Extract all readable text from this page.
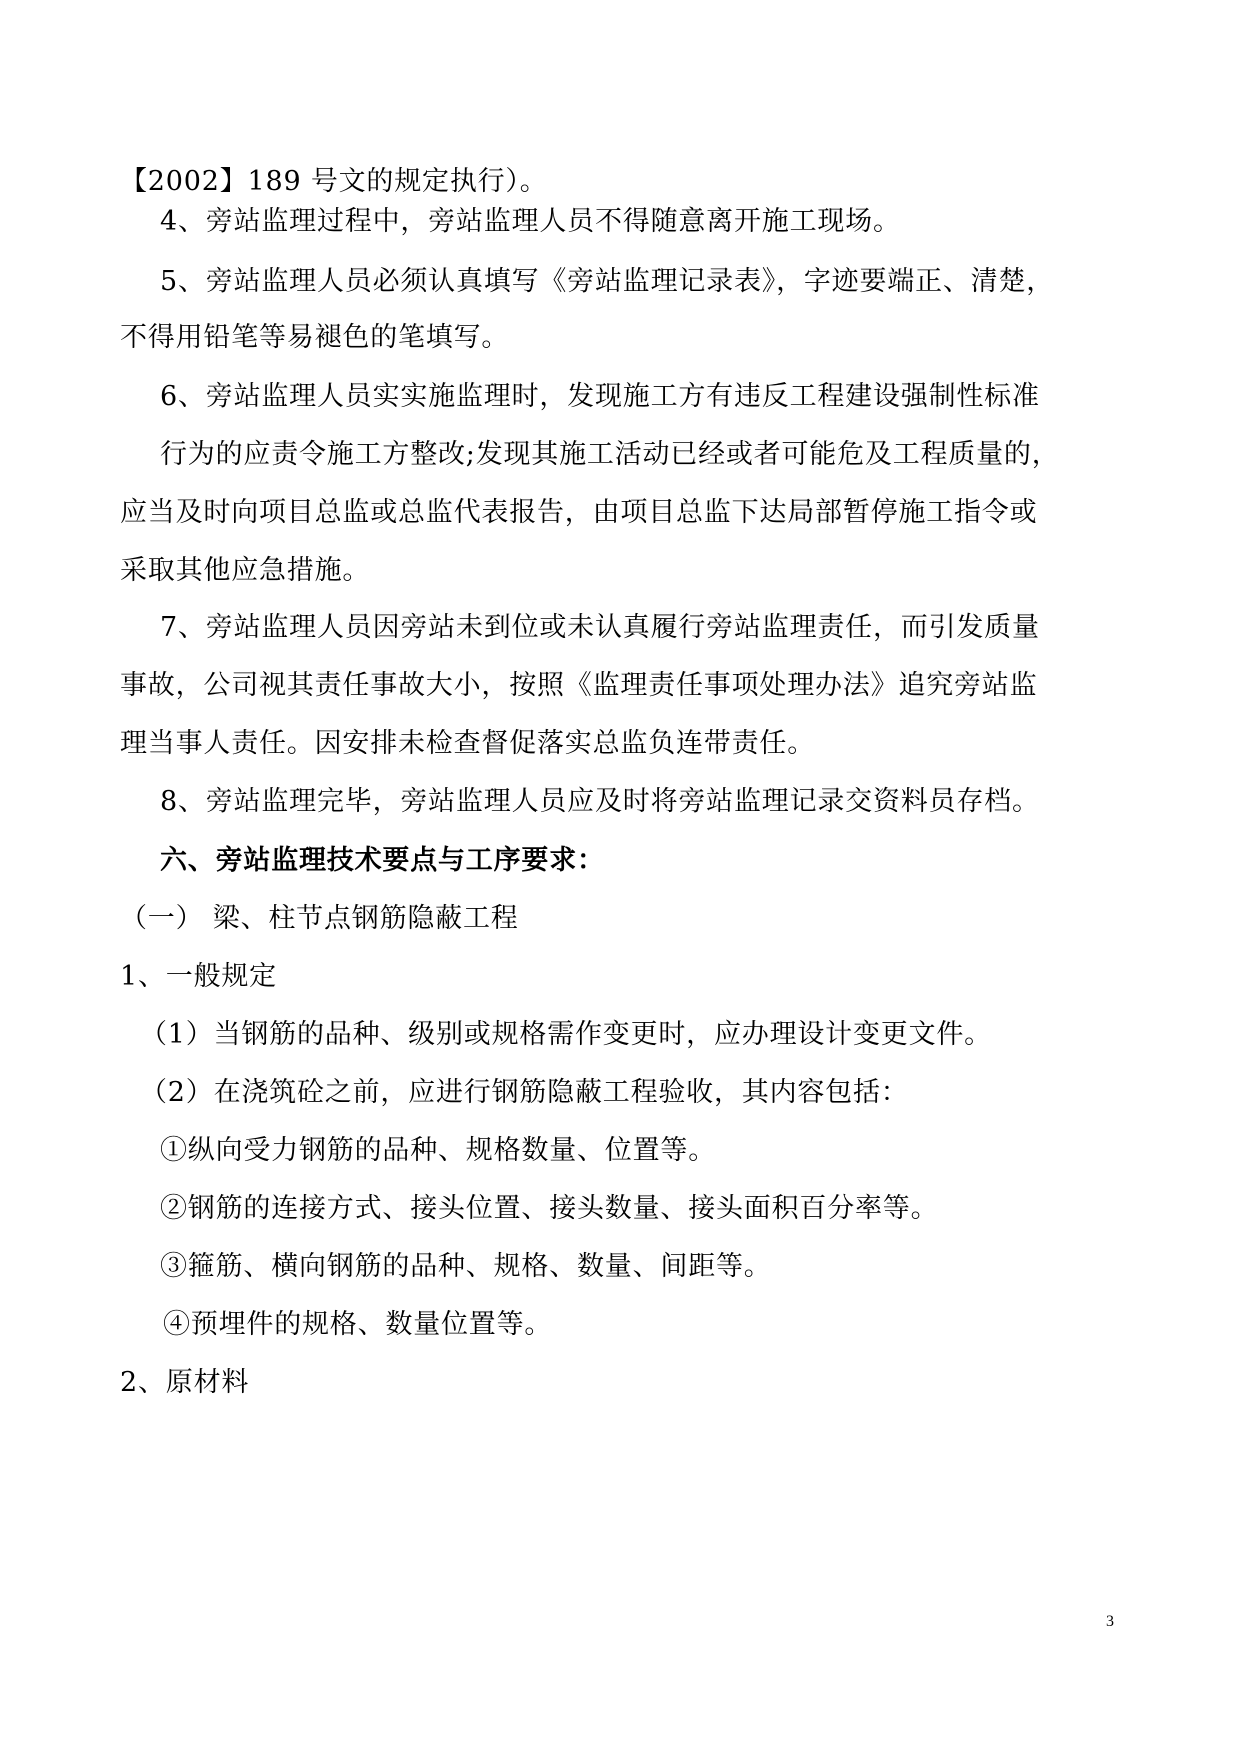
【2002】189 号文的规定执行）。
4、旁站监理过程中，旁站监理人员不得随意离开施工现场。
5、旁站监理人员必须认真填写《旁站监理记录表》，字迹要端正、清楚，
不得用铅笔等易褪色的笔填写。
6、旁站监理人员实实施监理时，发现施工方有违反工程建设强制性标准
行为的应责令施工方整改;发现其施工活动已经或者可能危及工程质量的，
应当及时向项目总监或总监代表报告，由项目总监下达局部暂停施工指令或
采取其他应急措施。
7、旁站监理人员因旁站未到位或未认真履行旁站监理责任，而引发质量
事故，公司视其责任事故大小，按照《监理责任事项处理办法》追究旁站监
理当事人责任。因安排未检查督促落实总监负连带责任。
8、旁站监理完毕，旁站监理人员应及时将旁站监理记录交资料员存档。
六、旁站监理技术要点与工序要求：
（一） 梁、柱节点钢筋隐蔽工程
1、一般规定
（1）当钢筋的品种、级别或规格需作变更时，应办理设计变更文件。
（2）在浇筑砼之前，应进行钢筋隐蔽工程验收，其内容包括：
①纵向受力钢筋的品种、规格数量、位置等。
②钢筋的连接方式、接头位置、接头数量、接头面积百分率等。
③箍筋、横向钢筋的品种、规格、数量、间距等。
④预埋件的规格、数量位置等。
2、原材料
3
